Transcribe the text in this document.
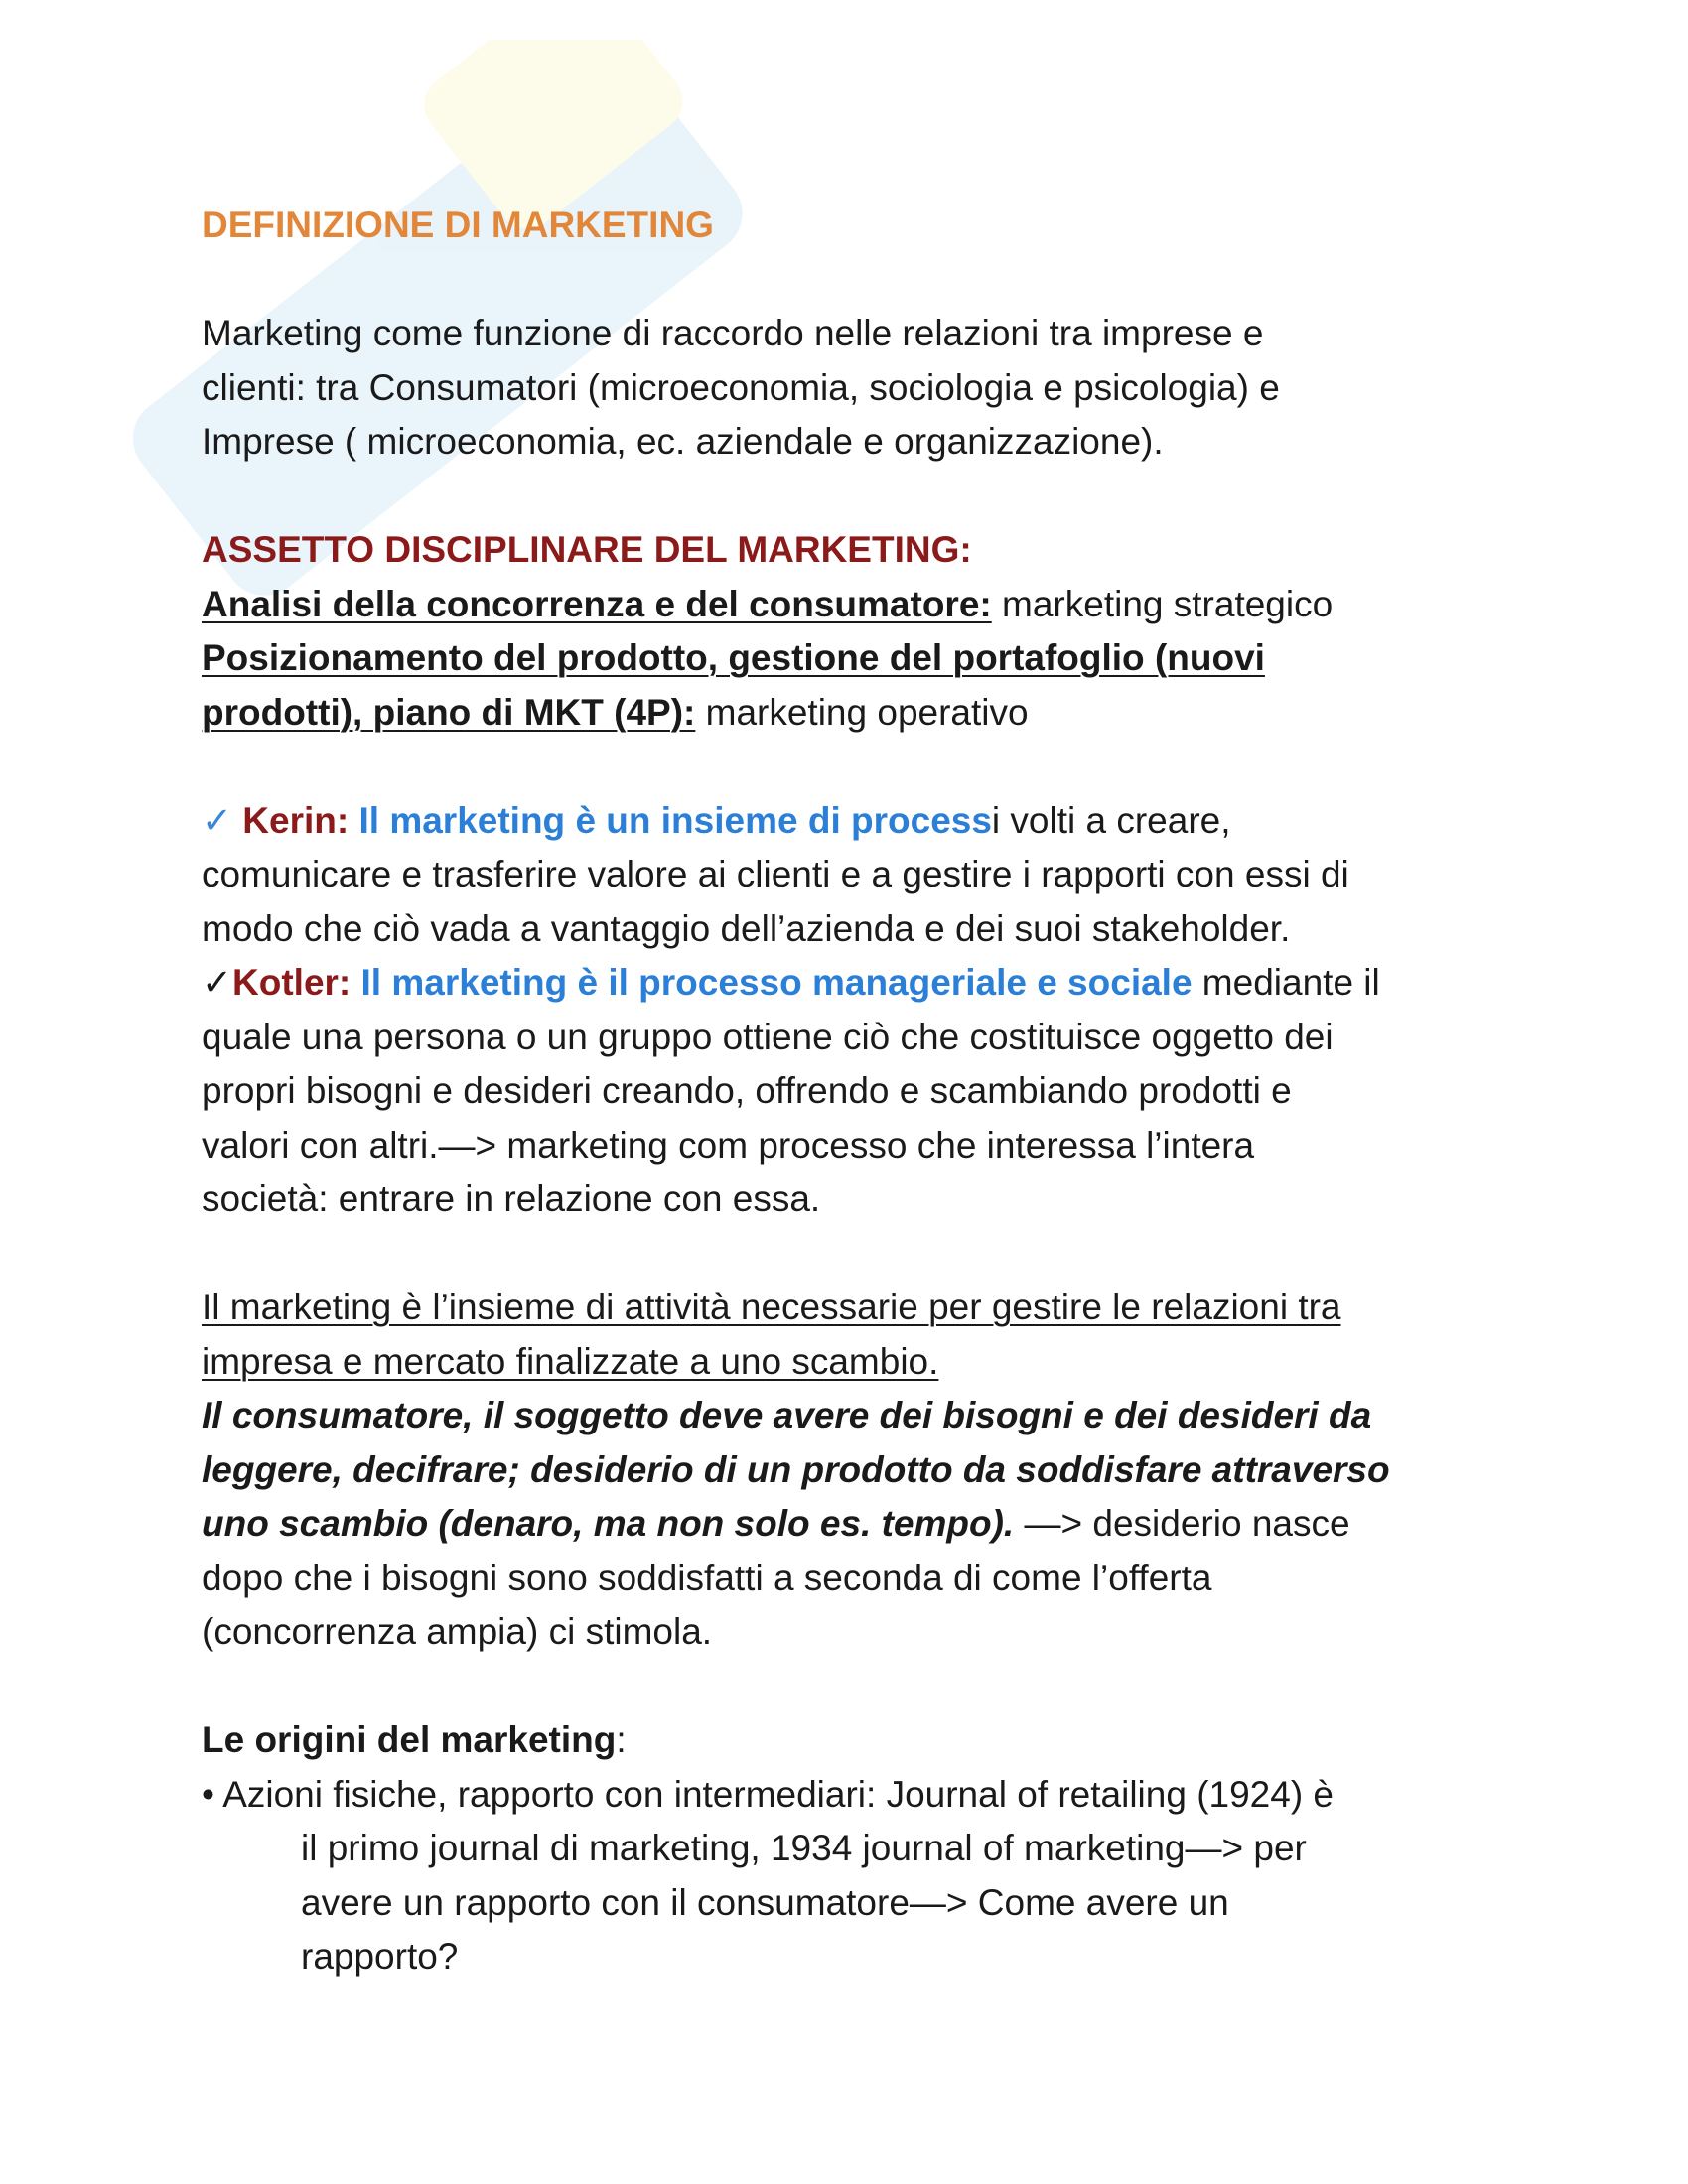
DEFINIZIONE DI MARKETING

Marketing come funzione di raccordo nelle relazioni tra imprese e

clienti: tra Consumatori (microeconomia, sociologia e psicologia) e

Imprese ( microeconomia, ec. aziendale e organizzazione).

ASSETTO DISCIPLINARE DEL MARKETING:

Analisi della concorrenza e del consumatore: marketing strategico

Posizionamento del prodotto, gestione del portafoglio (nuovi

prodotti), piano di MKT (4P): marketing operativo

✓ Kerin: Il marketing è un insieme di processi volti a creare,

comunicare e trasferire valore ai clienti e a gestire i rapporti con essi di

modo che ciò vada a vantaggio dell’azienda e dei suoi stakeholder.

✓Kotler: Il marketing è il processo manageriale e sociale mediante il

quale una persona o un gruppo ottiene ciò che costituisce oggetto dei

propri bisogni e desideri creando, offrendo e scambiando prodotti e

valori con altri.—> marketing com processo che interessa l’intera

società: entrare in relazione con essa.

Il marketing è l’insieme di attività necessarie per gestire le relazioni tra

impresa e mercato finalizzate a uno scambio.

Il consumatore, il soggetto deve avere dei bisogni e dei desideri da

leggere, decifrare; desiderio di un prodotto da soddisfare attraverso

uno scambio (denaro, ma non solo es. tempo). —> desiderio nasce

dopo che i bisogni sono soddisfatti a seconda di come l’offerta

(concorrenza ampia) ci stimola.

Le origini del marketing:

• Azioni fisiche, rapporto con intermediari: Journal of retailing (1924) è

il primo journal di marketing, 1934 journal of marketing—> per

avere un rapporto con il consumatore—> Come avere un

rapporto?
